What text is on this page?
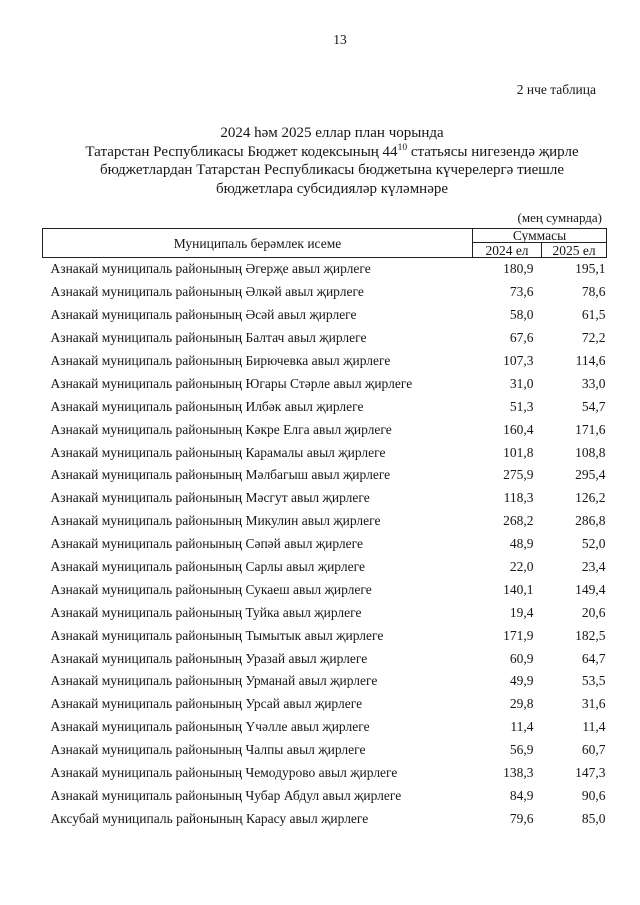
13
2 нче таблица
2024 һәм 2025 еллар план чорында
Татарстан Республикасы Бюджет кодексының $44^{10}$ статьясы нигезендә җирле
бюджетлардан Татарстан Республикасы бюджетына күчерелергә тиешле
бюджетлара субсидияләр күләмнәре
(мең сумнарда)
Муниципаль берәмлек исеме	Суммасы	
	2024 ел	2025 ел
Азнакай муниципаль районының Әгерҗе авыл җирлеге	180,9	195,1
Азнакай муниципаль районының Әлкәй авыл җирлеге	73,6	78,6
Азнакай муниципаль районының Әсәй авыл җирлеге	58,0	61,5
Азнакай муниципаль районының Балтач авыл җирлеге	67,6	72,2
Азнакай муниципаль районының Бирючевка авыл җирлеге	107,3	114,6
Азнакай муниципаль районының Югары Стәрле авыл җирлеге	31,0	33,0
Азнакай муниципаль районының Илбәк авыл җирлеге	51,3	54,7
Азнакай муниципаль районының Кәкре Елга авыл җирлеге	160,4	171,6
Азнакай муниципаль районының Карамалы авыл җирлеге	101,8	108,8
Азнакай муниципаль районының Мәлбагыш авыл җирлеге	275,9	295,4
Азнакай муниципаль районының Мәсгут авыл җирлеге	118,3	126,2
Азнакай муниципаль районының Микулин авыл җирлеге	268,2	286,8
Азнакай муниципаль районының Сәпәй авыл җирлеге	48,9	52,0
Азнакай муниципаль районының Сарлы авыл җирлеге	22,0	23,4
Азнакай муниципаль районының Сукаеш авыл җирлеге	140,1	149,4
Азнакай муниципаль районының Туйка авыл җирлеге	19,4	20,6
Азнакай муниципаль районының Тымытык авыл җирлеге	171,9	182,5
Азнакай муниципаль районының Уразай авыл җирлеге	60,9	64,7
Азнакай муниципаль районының Урманай авыл җирлеге	49,9	53,5
Азнакай муниципаль районының Урсай авыл җирлеге	29,8	31,6
Азнакай муниципаль районының Үчәлле авыл җирлеге	11,4	11,4
Азнакай муниципаль районының Чалпы авыл җирлеге	56,9	60,7
Азнакай муниципаль районының Чемодурово авыл җирлеге	138,3	147,3
Азнакай муниципаль районының Чубар Абдул авыл җирлеге	84,9	90,6
Аксубай муниципаль районының Карасу авыл җирлеге	79,6	85,0
